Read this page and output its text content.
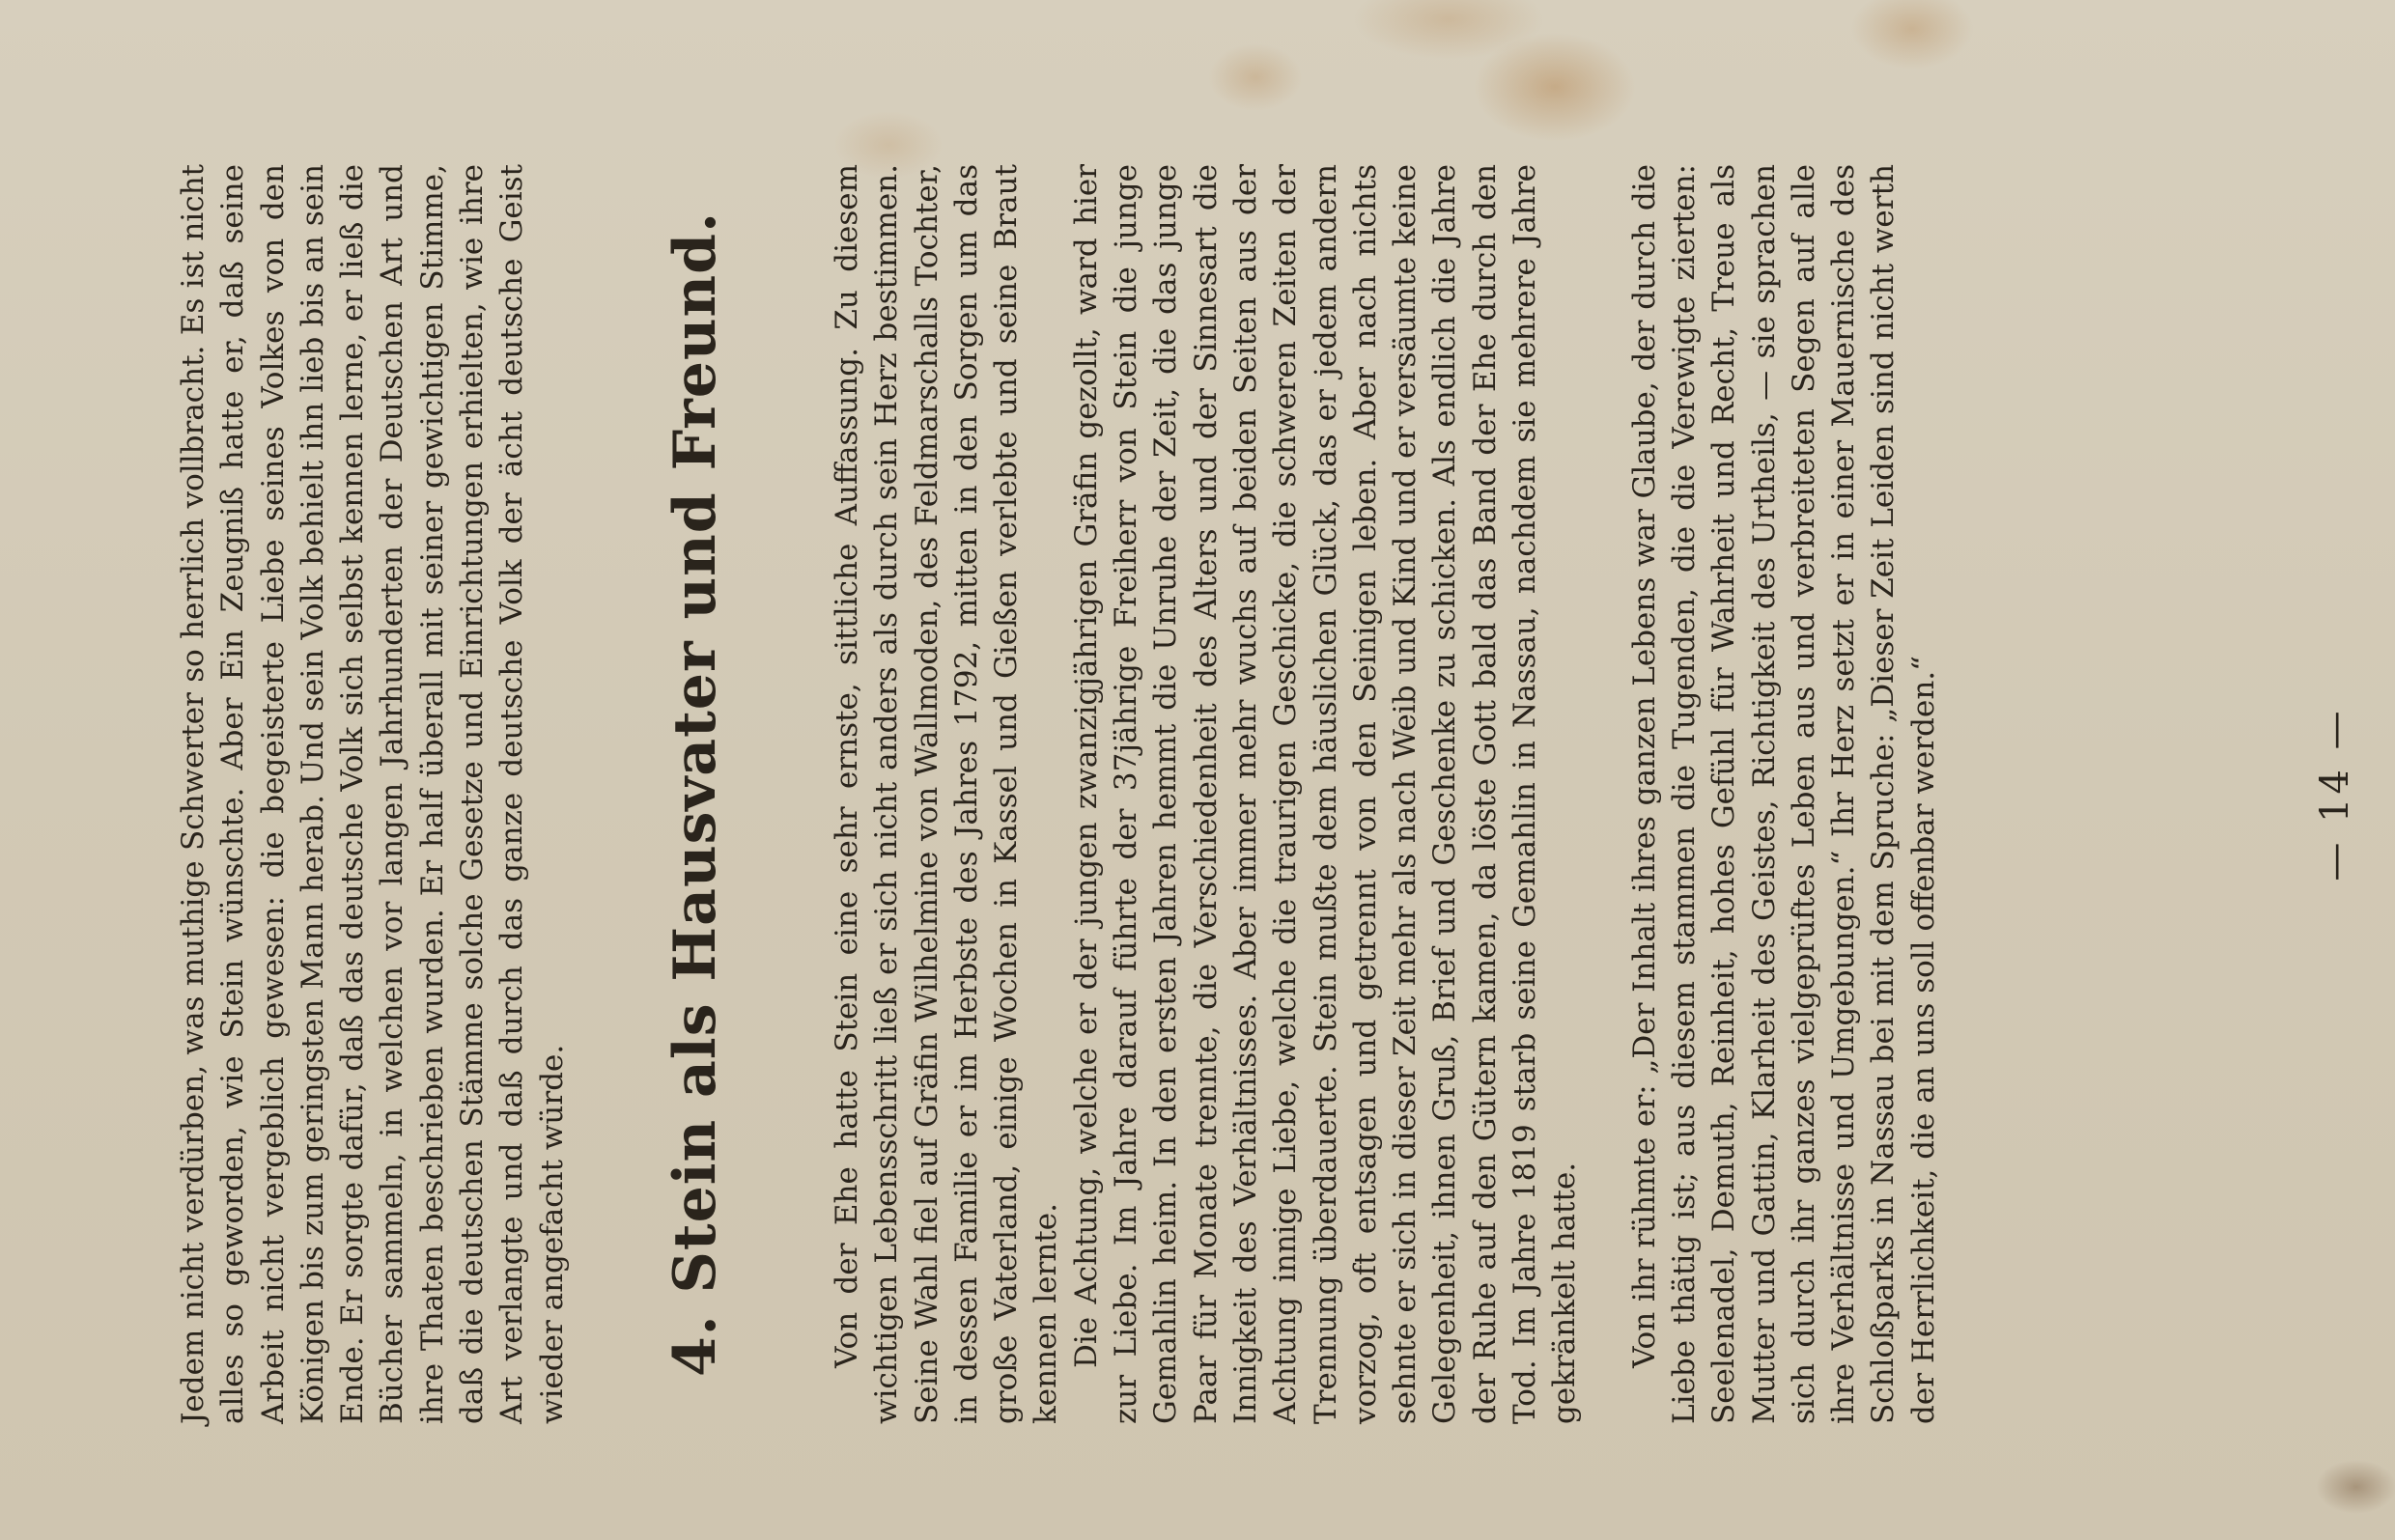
Jedem nicht verdürben, was muthige Schwerter so herrlich vollbracht. Es ist nicht alles so geworden, wie Stein wünschte. Aber Ein Zeugniß hatte er, daß seine Arbeit nicht vergeblich gewesen: die begeisterte Liebe seines Volkes von den Königen bis zum geringsten Mann herab. Und sein Volk behielt ihn lieb bis an sein Ende. Er sorgte dafür, daß das deutsche Volk sich selbst kennen lerne, er ließ die Bücher sammeln, in welchen vor langen Jahrhunderten der Deutschen Art und ihre Thaten beschrieben wurden. Er half überall mit seiner gewichtigen Stimme, daß die deutschen Stämme solche Gesetze und Einrichtungen erhielten, wie ihre Art verlangte und daß durch das ganze deutsche Volk der ächt deutsche Geist wieder angefacht würde. 4. Stein als Hausvater und Freund.	Von der Ehe hatte Stein eine sehr ernste, sittliche Auffassung. Zu diesem wichtigen Lebensschritt ließ er sich nicht anders als durch sein Herz bestimmen. Seine Wahl fiel auf Gräfin Wilhelmine von Wallmoden, des Feldmarschalls Tochter, in dessen Familie er im Herbste des Jahres 1792, mitten in den Sorgen um das große Vaterland, einige Wochen in Kassel und Gießen verlebte und seine Braut kennen lernte. Die Achtung, welche er der jungen zwanzigjährigen Gräfin gezollt, ward hier zur Liebe. Im Jahre darauf führte der 37jährige Freiherr von Stein die junge Gemahlin heim. In den ersten Jahren hemmt die Unruhe der Zeit, die das junge Paar für Monate trennte, die Verschiedenheit des Alters und der Sinnesart die Innigkeit des Verhältnisses. Aber immer mehr wuchs auf beiden Seiten aus der Achtung innige Liebe, welche die traurigen Geschicke, die schweren Zeiten der Trennung überdauerte. Stein mußte dem häuslichen Glück, das er jedem andern vorzog, oft entsagen und getrennt von den Seinigen leben. Aber nach nichts sehnte er sich in dieser Zeit mehr als nach Weib und Kind und er versäumte keine Gelegenheit, ihnen Gruß, Brief und Geschenke zu schicken. Als endlich die Jahre der Ruhe auf den Gütern kamen, da löste Gott bald das Band der Ehe durch den Tod. Im Jahre 1819 starb seine Gemahlin in Nassau, nachdem sie mehrere Jahre gekränkelt hatte. Von ihr rühmte er: „Der Inhalt ihres ganzen Lebens war Glaube, der durch die Liebe thätig ist; aus diesem stammen die Tugenden, die die Verewigte zierten: Seelenadel, Demuth, Reinheit, hohes Gefühl für Wahrheit und Recht, Treue als Mutter und Gattin, Klarheit des Geistes, Richtigkeit des Urtheils, — sie sprachen sich durch ihr ganzes vielgeprüftes Leben aus und verbreiteten Segen auf alle ihre Verhältnisse und Umgebungen.“ Ihr Herz setzt er in einer Mauernische des Schloßparks in Nassau bei mit dem Spruche: „Dieser Zeit Leiden sind nicht werth der Herrlichkeit, die an uns soll offenbar werden.“	— 14 —
